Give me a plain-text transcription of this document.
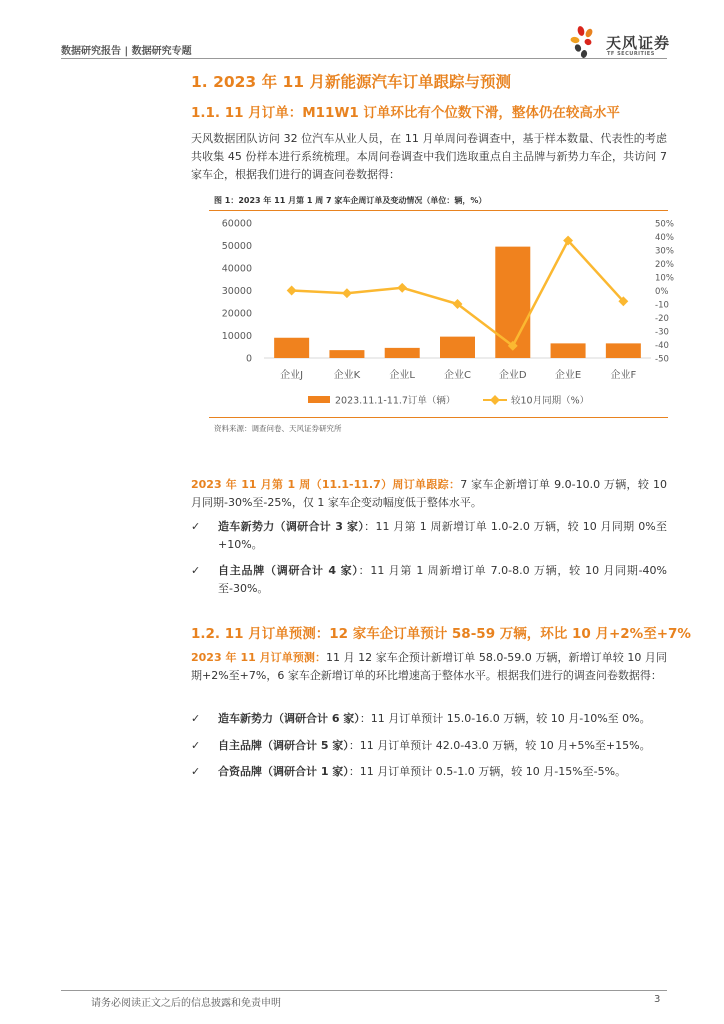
数据研究报告 | 数据研究专题	天风证券
TF SECURITIES
1. 2023 年 11 月新能源汽车订单跟踪与预测
1.1. 11 月订单：M11W1 订单环比有个位数下滑，整体仍在较高水平
天风数据团队访问 32 位汽车从业人员，在 11 月单周问卷调查中，基于样本数量、代表性的考虑共收集 45 份样本进行系统梳理。本周问卷调查中我们选取重点自主品牌与新势力车企，共访问 7 家车企，根据我们进行的调查问卷数据得：
图 1：2023 年 11 月第 1 周 7 家车企周订单及变动情况（单位：辆，%）
60000
50000
40000
30000
20000
10000
0
50%
40%
30%
20%
10%
0%
-10
-20
-30
-40
-50
企业J	企业K	企业L	企业C	企业D	企业E	企业F
2023.11.1-11.7订单（辆）	较10月同期（%）
资料来源：调查问卷、天风证券研究所
2023 年 11 月第 1 周（11.1-11.7）周订单跟踪：7 家车企新增订单 9.0-10.0 万辆，较 10 月同期-30%至-25%，仅 1 家车企变动幅度低于整体水平。
✓	造车新势力（调研合计 3 家）：11 月第 1 周新增订单 1.0-2.0 万辆，较 10 月同期 0%至+10%。
✓	自主品牌（调研合计 4 家）：11 月第 1 周新增订单 7.0-8.0 万辆，较 10 月同期-40%至-30%。
1.2. 11 月订单预测：12 家车企订单预计 58-59 万辆，环比 10 月+2%至+7%
2023 年 11 月订单预测：11 月 12 家车企预计新增订单 58.0-59.0 万辆，新增订单较 10 月同期+2%至+7%，6 家车企新增订单的环比增速高于整体水平。根据我们进行的调查问卷数据得：
✓	造车新势力（调研合计 6 家）：11 月订单预计 15.0-16.0 万辆，较 10 月-10%至 0%。
✓	自主品牌（调研合计 5 家）：11 月订单预计 42.0-43.0 万辆，较 10 月+5%至+15%。
✓	合资品牌（调研合计 1 家）：11 月订单预计 0.5-1.0 万辆，较 10 月-15%至-5%。
请务必阅读正文之后的信息披露和免责申明	3
